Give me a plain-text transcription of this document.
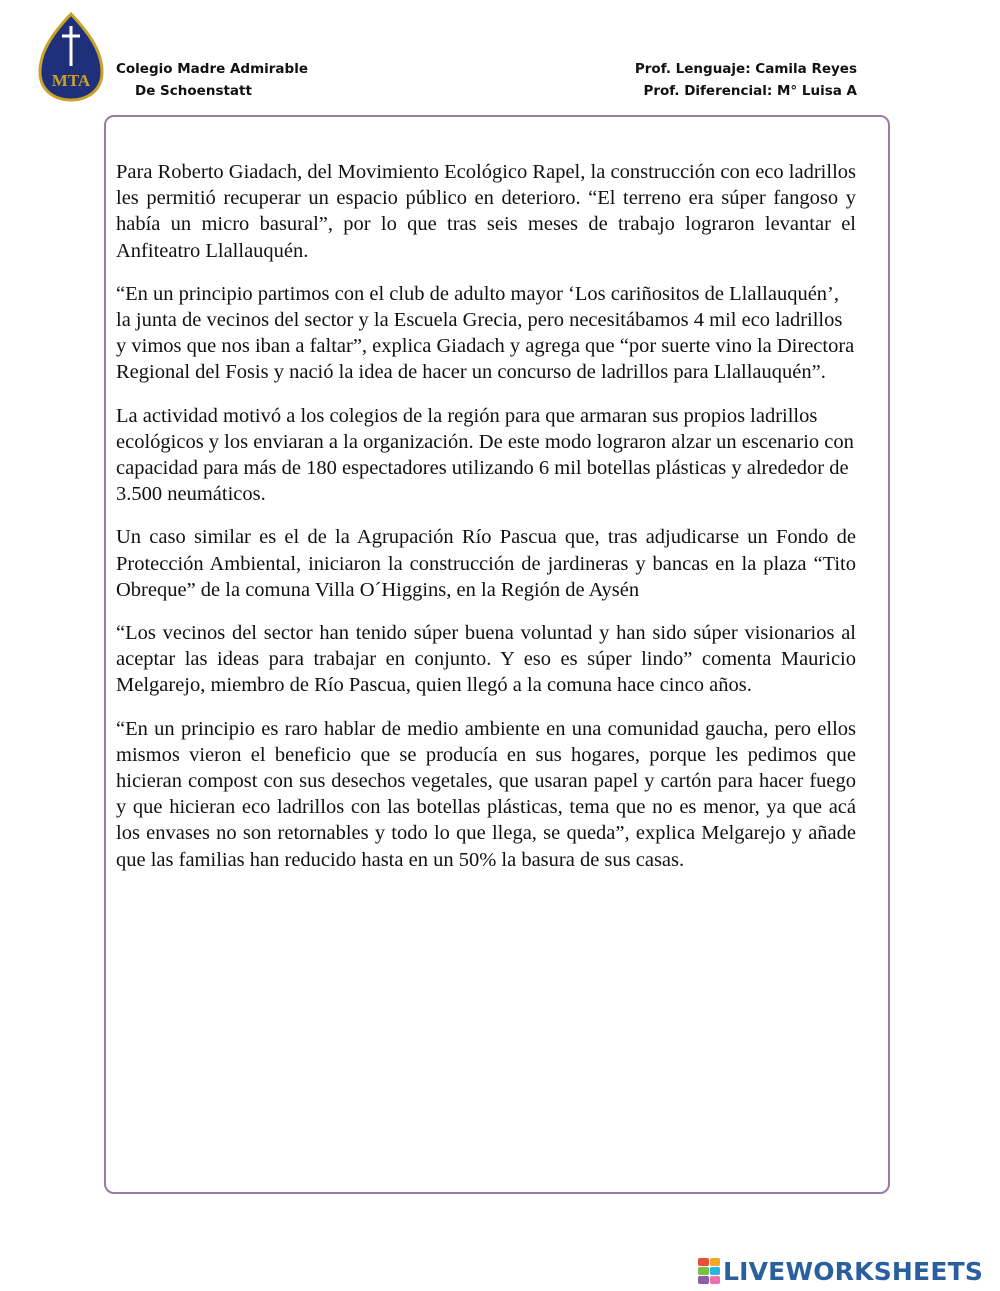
MTA
Colegio Madre Admirable
De Schoenstatt
Prof. Lenguaje: Camila Reyes
Prof. Diferencial: M° Luisa A

Para Roberto Giadach, del Movimiento Ecológico Rapel, la construcción con eco ladrillos les permitió recuperar un espacio público en deterioro. “El terreno era súper fangoso y había un micro basural”, por lo que tras seis meses de trabajo lograron levantar el Anfiteatro Llallauquén.

“En un principio partimos con el club de adulto mayor ‘Los cariñositos de Llallauquén’, la junta de vecinos del sector y la Escuela Grecia, pero necesitábamos 4 mil eco ladrillos y vimos que nos iban a faltar”, explica Giadach y agrega que “por suerte vino la Directora Regional del Fosis y nació la idea de hacer un concurso de ladrillos para Llallauquén”.

La actividad motivó a los colegios de la región para que armaran sus propios ladrillos ecológicos y los enviaran a la organización. De este modo lograron alzar un escenario con capacidad para más de 180 espectadores utilizando 6 mil botellas plásticas y alrededor de 3.500 neumáticos.

Un caso similar es el de la Agrupación Río Pascua que, tras adjudicarse un Fondo de Protección Ambiental, iniciaron la construcción de jardineras y bancas en la plaza “Tito Obreque” de la comuna Villa O´Higgins, en la Región de Aysén

“Los vecinos del sector han tenido súper buena voluntad y han sido súper visionarios al aceptar las ideas para trabajar en conjunto. Y eso es súper lindo” comenta Mauricio Melgarejo, miembro de Río Pascua, quien llegó a la comuna hace cinco años.

“En un principio es raro hablar de medio ambiente en una comunidad gaucha, pero ellos mismos vieron el beneficio que se producía en sus hogares, porque les pedimos que hicieran compost con sus desechos vegetales, que usaran papel y cartón para hacer fuego y que hicieran eco ladrillos con las botellas plásticas, tema que no es menor, ya que acá los envases no son retornables y todo lo que llega, se queda”, explica Melgarejo y añade que las familias han reducido hasta en un 50% la basura de sus casas.

LIVEWORKSHEETS
